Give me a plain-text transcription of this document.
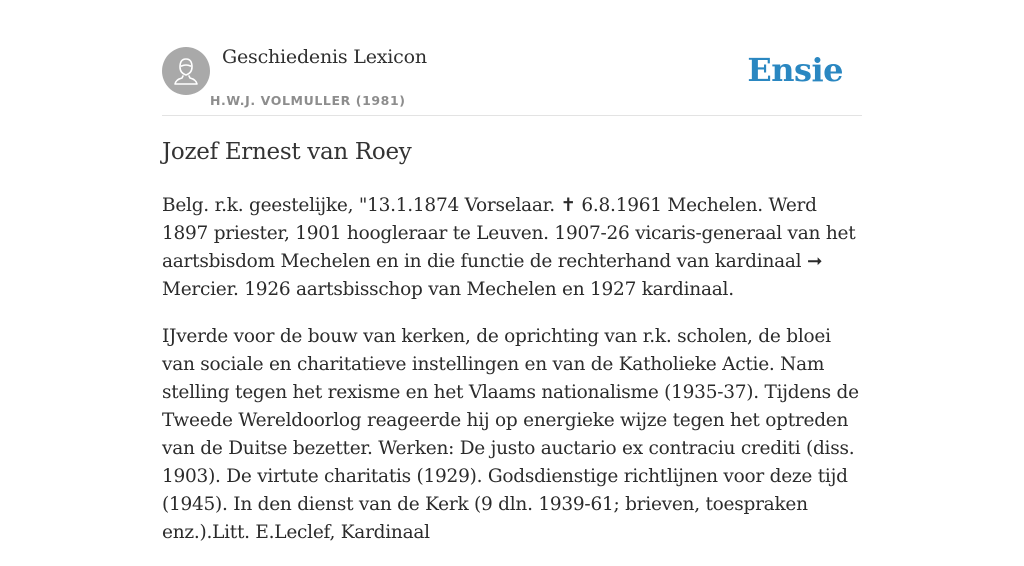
Geschiedenis Lexicon
H.W.J. VOLMULLER (1981)
Ensie
Jozef Ernest van Roey

Belg. r.k. geestelijke, "13.1.1874 Vorselaar. ✝ 6.8.1961 Mechelen. Werd 1897 priester, 1901 hoogleraar te Leuven. 1907-26 vicaris-generaal van het aartsbisdom Mechelen en in die functie de rechterhand van kardinaal ➞ Mercier. 1926 aartsbisschop van Mechelen en 1927 kardinaal.

IJverde voor de bouw van kerken, de oprichting van r.k. scholen, de bloei van sociale en charitatieve instellingen en van de Katholieke Actie. Nam stelling tegen het rexisme en het Vlaams nationalisme (1935-37). Tijdens de Tweede Wereldoorlog reageerde hij op energieke wijze tegen het optreden van de Duitse bezetter. Werken: De justo auctario ex contraciu crediti (diss. 1903). De virtute charitatis (1929). Godsdienstige richtlijnen voor deze tijd (1945). In den dienst van de Kerk (9 dln. 1939-61; brieven, toespraken enz.).Litt. E.Leclef, Kardinaal
